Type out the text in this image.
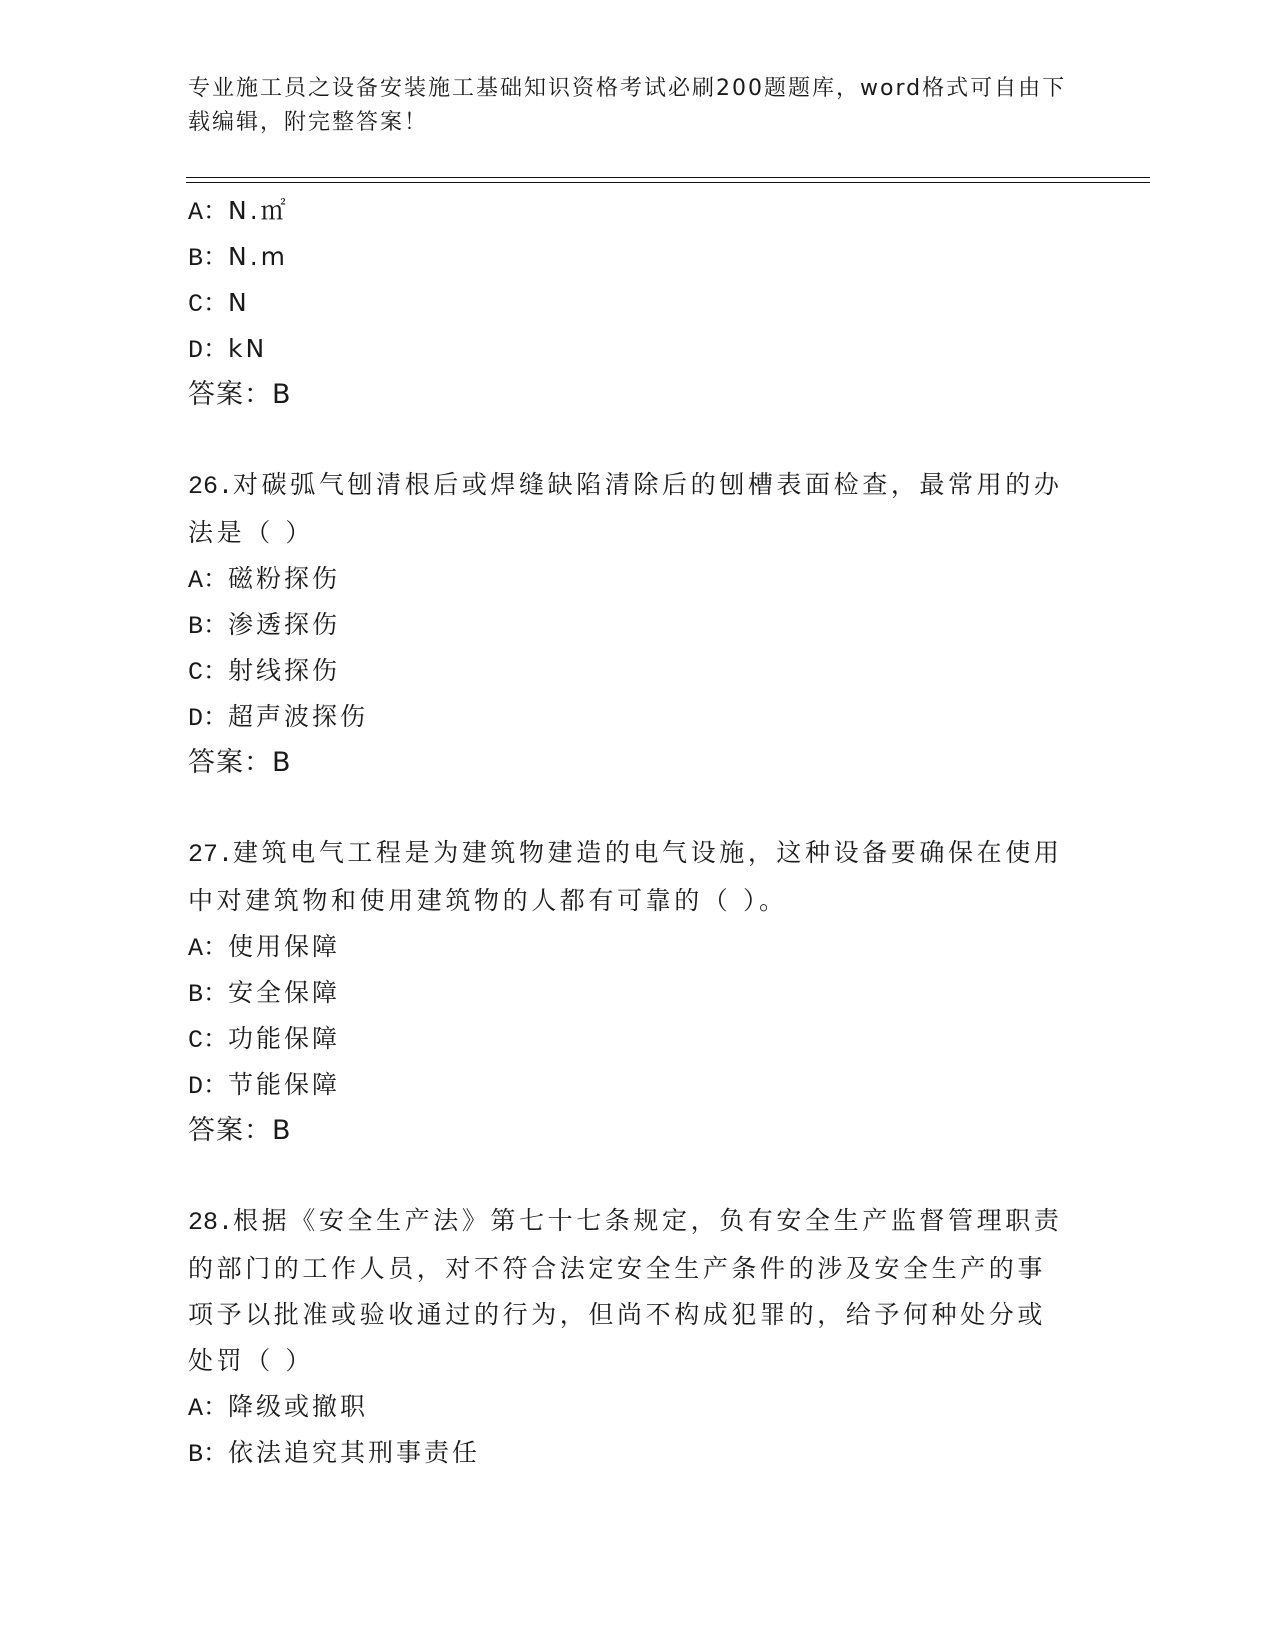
专业施工员之设备安装施工基础知识资格考试必刷200题题库，word格式可自由下载编辑，附完整答案！
A：N.㎡
B：N.m
C：N
D：kN
答案：B
26.对碳弧气刨清根后或焊缝缺陷清除后的刨槽表面检查，最常用的办法是（ ）
A：磁粉探伤
B：渗透探伤
C：射线探伤
D：超声波探伤
答案：B
27.建筑电气工程是为建筑物建造的电气设施，这种设备要确保在使用中对建筑物和使用建筑物的人都有可靠的（ ）。
A：使用保障
B：安全保障
C：功能保障
D：节能保障
答案：B
28.根据《安全生产法》第七十七条规定，负有安全生产监督管理职责的部门的工作人员，对不符合法定安全生产条件的涉及安全生产的事项予以批准或验收通过的行为，但尚不构成犯罪的，给予何种处分或处罚（ ）
A：降级或撤职
B：依法追究其刑事责任
